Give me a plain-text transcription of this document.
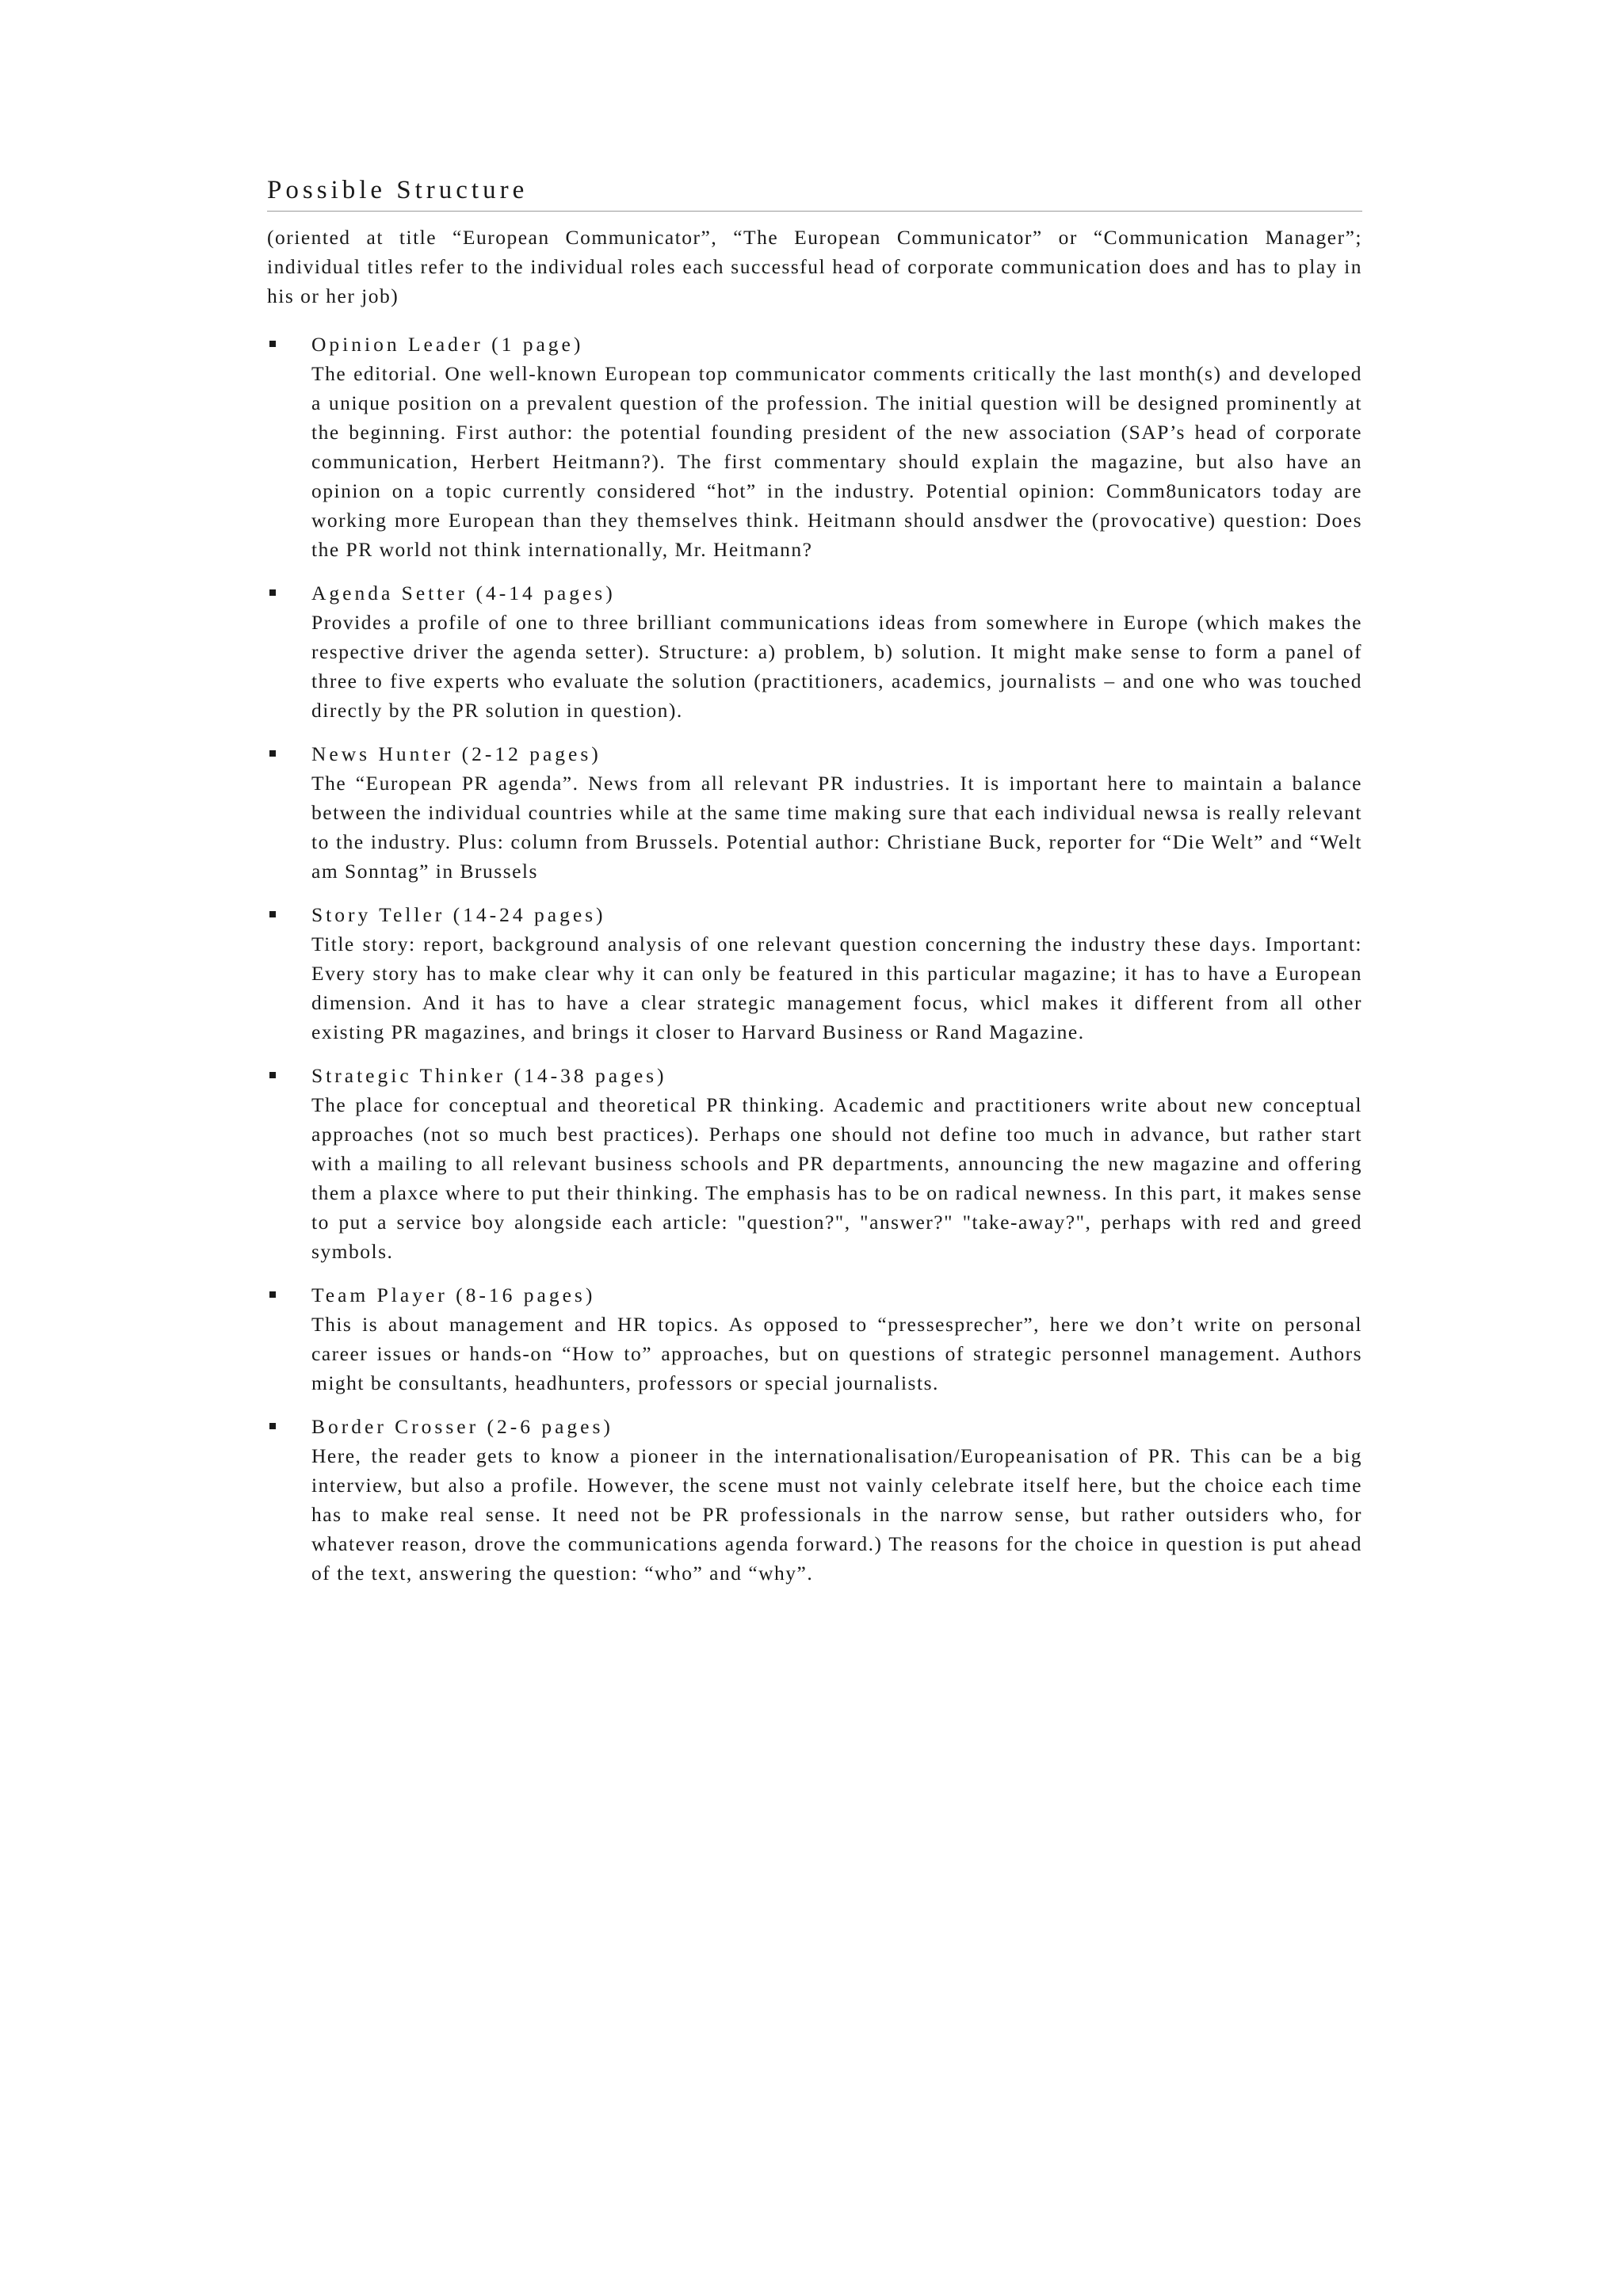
Possible Structure

(oriented at title “European Communicator”, “The European Communicator” or “Communication Manager”; individual titles refer to the individual roles each successful head of corporate communication does and has to play in his or her job)

Opinion Leader (1 page)

The editorial. One well-known European top communicator comments critically the last month(s) and developed a unique position on a prevalent question of the profession. The initial question will be designed prominently at the beginning. First author: the potential founding president of the new association (SAP’s head of corporate communication, Herbert Heitmann?). The first commentary should explain the magazine, but also have an opinion on a topic currently considered “hot” in the industry. Potential opinion: Comm8unicators today are working more European than they themselves think. Heitmann should ansdwer the (provocative) question: Does the PR world not think internationally, Mr. Heitmann?

Agenda Setter (4-14 pages)

Provides a profile of one to three brilliant communications ideas from somewhere in Europe (which makes the respective driver the agenda setter). Structure: a) problem, b) solution. It might make sense to form a panel of three to five experts who evaluate the solution (practitioners, academics, journalists – and one who was touched directly by the PR solution in question).

News Hunter (2-12 pages)

The “European PR agenda”. News from all relevant PR industries. It is important here to maintain a balance between the individual countries while at the same time making sure that each individual newsa is really relevant to the industry. Plus: column from Brussels. Potential author: Christiane Buck, reporter for “Die Welt” and “Welt am Sonntag” in Brussels

Story Teller (14-24 pages)

Title story: report, background analysis of one relevant question concerning the industry these days. Important: Every story has to make clear why it can only be featured in this particular magazine; it has to have a European dimension. And it has to have a clear strategic management focus, whicl makes it different from all other existing PR magazines, and brings it closer to Harvard Business or Rand Magazine.

Strategic Thinker (14-38 pages)

The place for conceptual and theoretical PR thinking. Academic and practitioners write about new conceptual approaches (not so much best practices). Perhaps one should not define too much in advance, but rather start with a mailing to all relevant business schools and PR departments, announcing the new magazine and offering them a plaxce where to put their thinking. The emphasis has to be on radical newness. In this part, it makes sense to put a service boy alongside each article: "question?", "answer?" "take-away?", perhaps with red and greed symbols.

Team Player (8-16 pages)

This is about management and HR topics. As opposed to “pressesprecher”, here we don’t write on personal career issues or hands-on “How to” approaches, but on questions of strategic personnel management. Authors might be consultants, headhunters, professors or special journalists.

Border Crosser (2-6 pages)

Here, the reader gets to know a pioneer in the internationalisation/Europeanisation of PR. This can be a big interview, but also a profile. However, the scene must not vainly celebrate itself here, but the choice each time has to make real sense. It need not be PR professionals in the narrow sense, but rather outsiders who, for whatever reason, drove the communications agenda forward.) The reasons for the choice in question is put ahead of the text, answering the question: “who” and “why”.
